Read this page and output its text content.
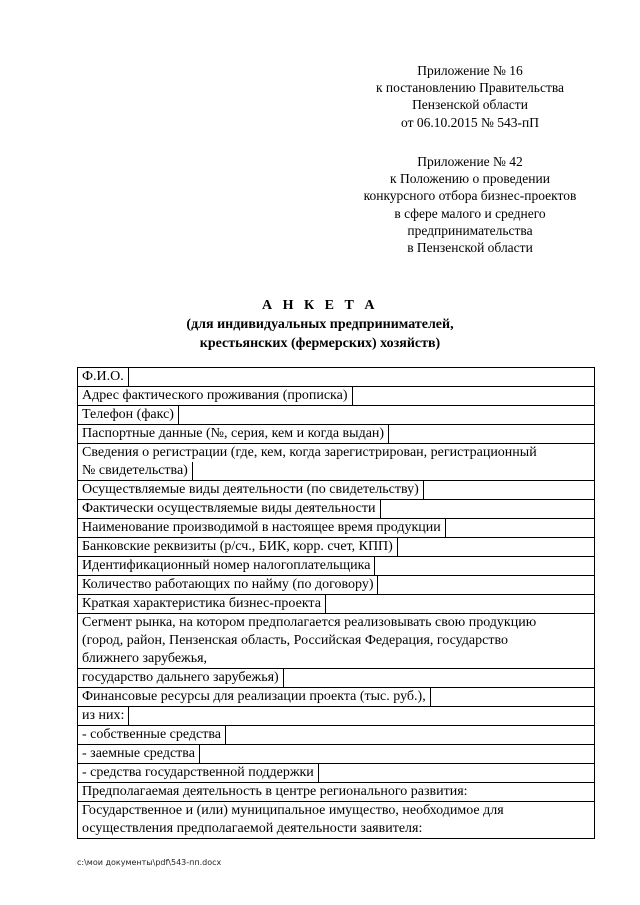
Приложение № 16
к постановлению Правительства
Пензенской области
от 06.10.2015 № 543-пП
Приложение № 42
к Положению о проведении
конкурсного отбора бизнес-проектов
в сфере малого и среднего
предпринимательства
в Пензенской области
А Н К Е Т А
(для индивидуальных предпринимателей,
крестьянских (фермерских) хозяйств)
Ф.И.О.

Адрес фактического проживания (прописка)

Телефон (факс)

Паспортные данные (№, серия, кем и когда выдан)

Сведения о регистрации (где, кем, когда зарегистрирован, регистрационный
№ свидетельства)

Осуществляемые виды деятельности (по свидетельству)

Фактически осуществляемые виды деятельности

Наименование производимой в настоящее время продукции

Банковские реквизиты (р/сч., БИК, корр. счет, КПП)

Идентификационный номер налогоплательщика

Количество работающих по найму (по договору)

Краткая характеристика бизнес-проекта

Сегмент рынка, на котором предполагается реализовывать свою продукцию
(город, район, Пензенская область, Российская Федерация, государство
ближнего зарубежья,

государство дальнего зарубежья)

Финансовые ресурсы для реализации проекта (тыс. руб.),

из них:

- собственные средства

- заемные средства

- средства государственной поддержки

Предполагаемая деятельность в центре регионального развития:

Государственное и (или) муниципальное имущество, необходимое для
осуществления предполагаемой деятельности заявителя:
c:\мои документы\pdf\543-пп.docx
